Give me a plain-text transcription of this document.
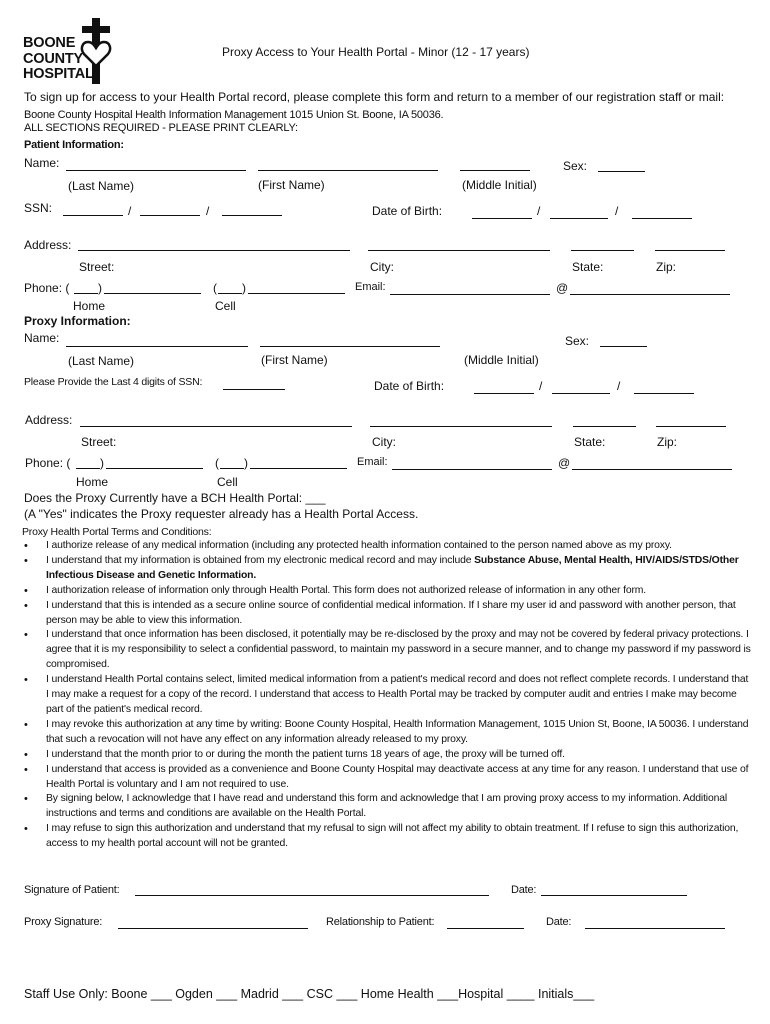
BOONE
COUNTY
HOSPITAL
Proxy Access to Your Health Portal - Minor (12 - 17 years)
To sign up for access to your Health Portal record, please complete this form and return to a member of our registration staff or mail:
Boone County Hospital Health Information Management 1015 Union St. Boone, IA 50036.
ALL SECTIONS REQUIRED - PLEASE PRINT CLEARLY:
Patient Information:
Name:	Sex:
(Last Name)	(First Name)	(Middle Initial)
SSN:	/	/	Date of Birth:	/	/
Address:
Street:	City:	State:	Zip:
Phone: ( )	( )	Email:	@
Home	Cell
Proxy Information:
Name:	Sex:
(Last Name)	(First Name)	(Middle Initial)
Please Provide the Last 4 digits of SSN:	Date of Birth:	/	/
Address:
Street:	City:	State:	Zip:
Phone: ( )	( )	Email:	@
Home	Cell
Does the Proxy Currently have a BCH Health Portal: ___
(A "Yes" indicates the Proxy requester already has a Health Portal Access.
Proxy Health Portal Terms and Conditions:
• I authorize release of any medical information (including any protected health information contained to the person named above as my proxy.
• I understand that my information is obtained from my electronic medical record and may include Substance Abuse, Mental Health, HIV/AIDS/STDS/Other Infectious Disease and Genetic Information.
• I authorization release of information only through Health Portal. This form does not authorized release of information in any other form.
• I understand that this is intended as a secure online source of confidential medical information. If I share my user id and password with another person, that person may be able to view this information.
• I understand that once information has been disclosed, it potentially may be re-disclosed by the proxy and may not be covered by federal privacy protections. I agree that it is my responsibility to select a confidential password, to maintain my password in a secure manner, and to change my password if my password is compromised.
• I understand Health Portal contains select, limited medical information from a patient's medical record and does not reflect complete records. I understand that I may make a request for a copy of the record. I understand that access to Health Portal may be tracked by computer audit and entries I make may become part of the patient's medical record.
• I may revoke this authorization at any time by writing: Boone County Hospital, Health Information Management, 1015 Union St, Boone, IA 50036. I understand that such a revocation will not have any effect on any information already released to my proxy.
• I understand that the month prior to or during the month the patient turns 18 years of age, the proxy will be turned off.
• I understand that access is provided as a convenience and Boone County Hospital may deactivate access at any time for any reason. I understand that use of Health Portal is voluntary and I am not required to use.
• By signing below, I acknowledge that I have read and understand this form and acknowledge that I am proving proxy access to my information. Additional instructions and terms and conditions are available on the Health Portal.
• I may refuse to sign this authorization and understand that my refusal to sign will not affect my ability to obtain treatment. If I refuse to sign this authorization, access to my health portal account will not be granted.
Signature of Patient:	Date:
Proxy Signature:	Relationship to Patient:	Date:
Staff Use Only: Boone ___ Ogden ___ Madrid ___ CSC ___ Home Health ___Hospital ____ Initials___
